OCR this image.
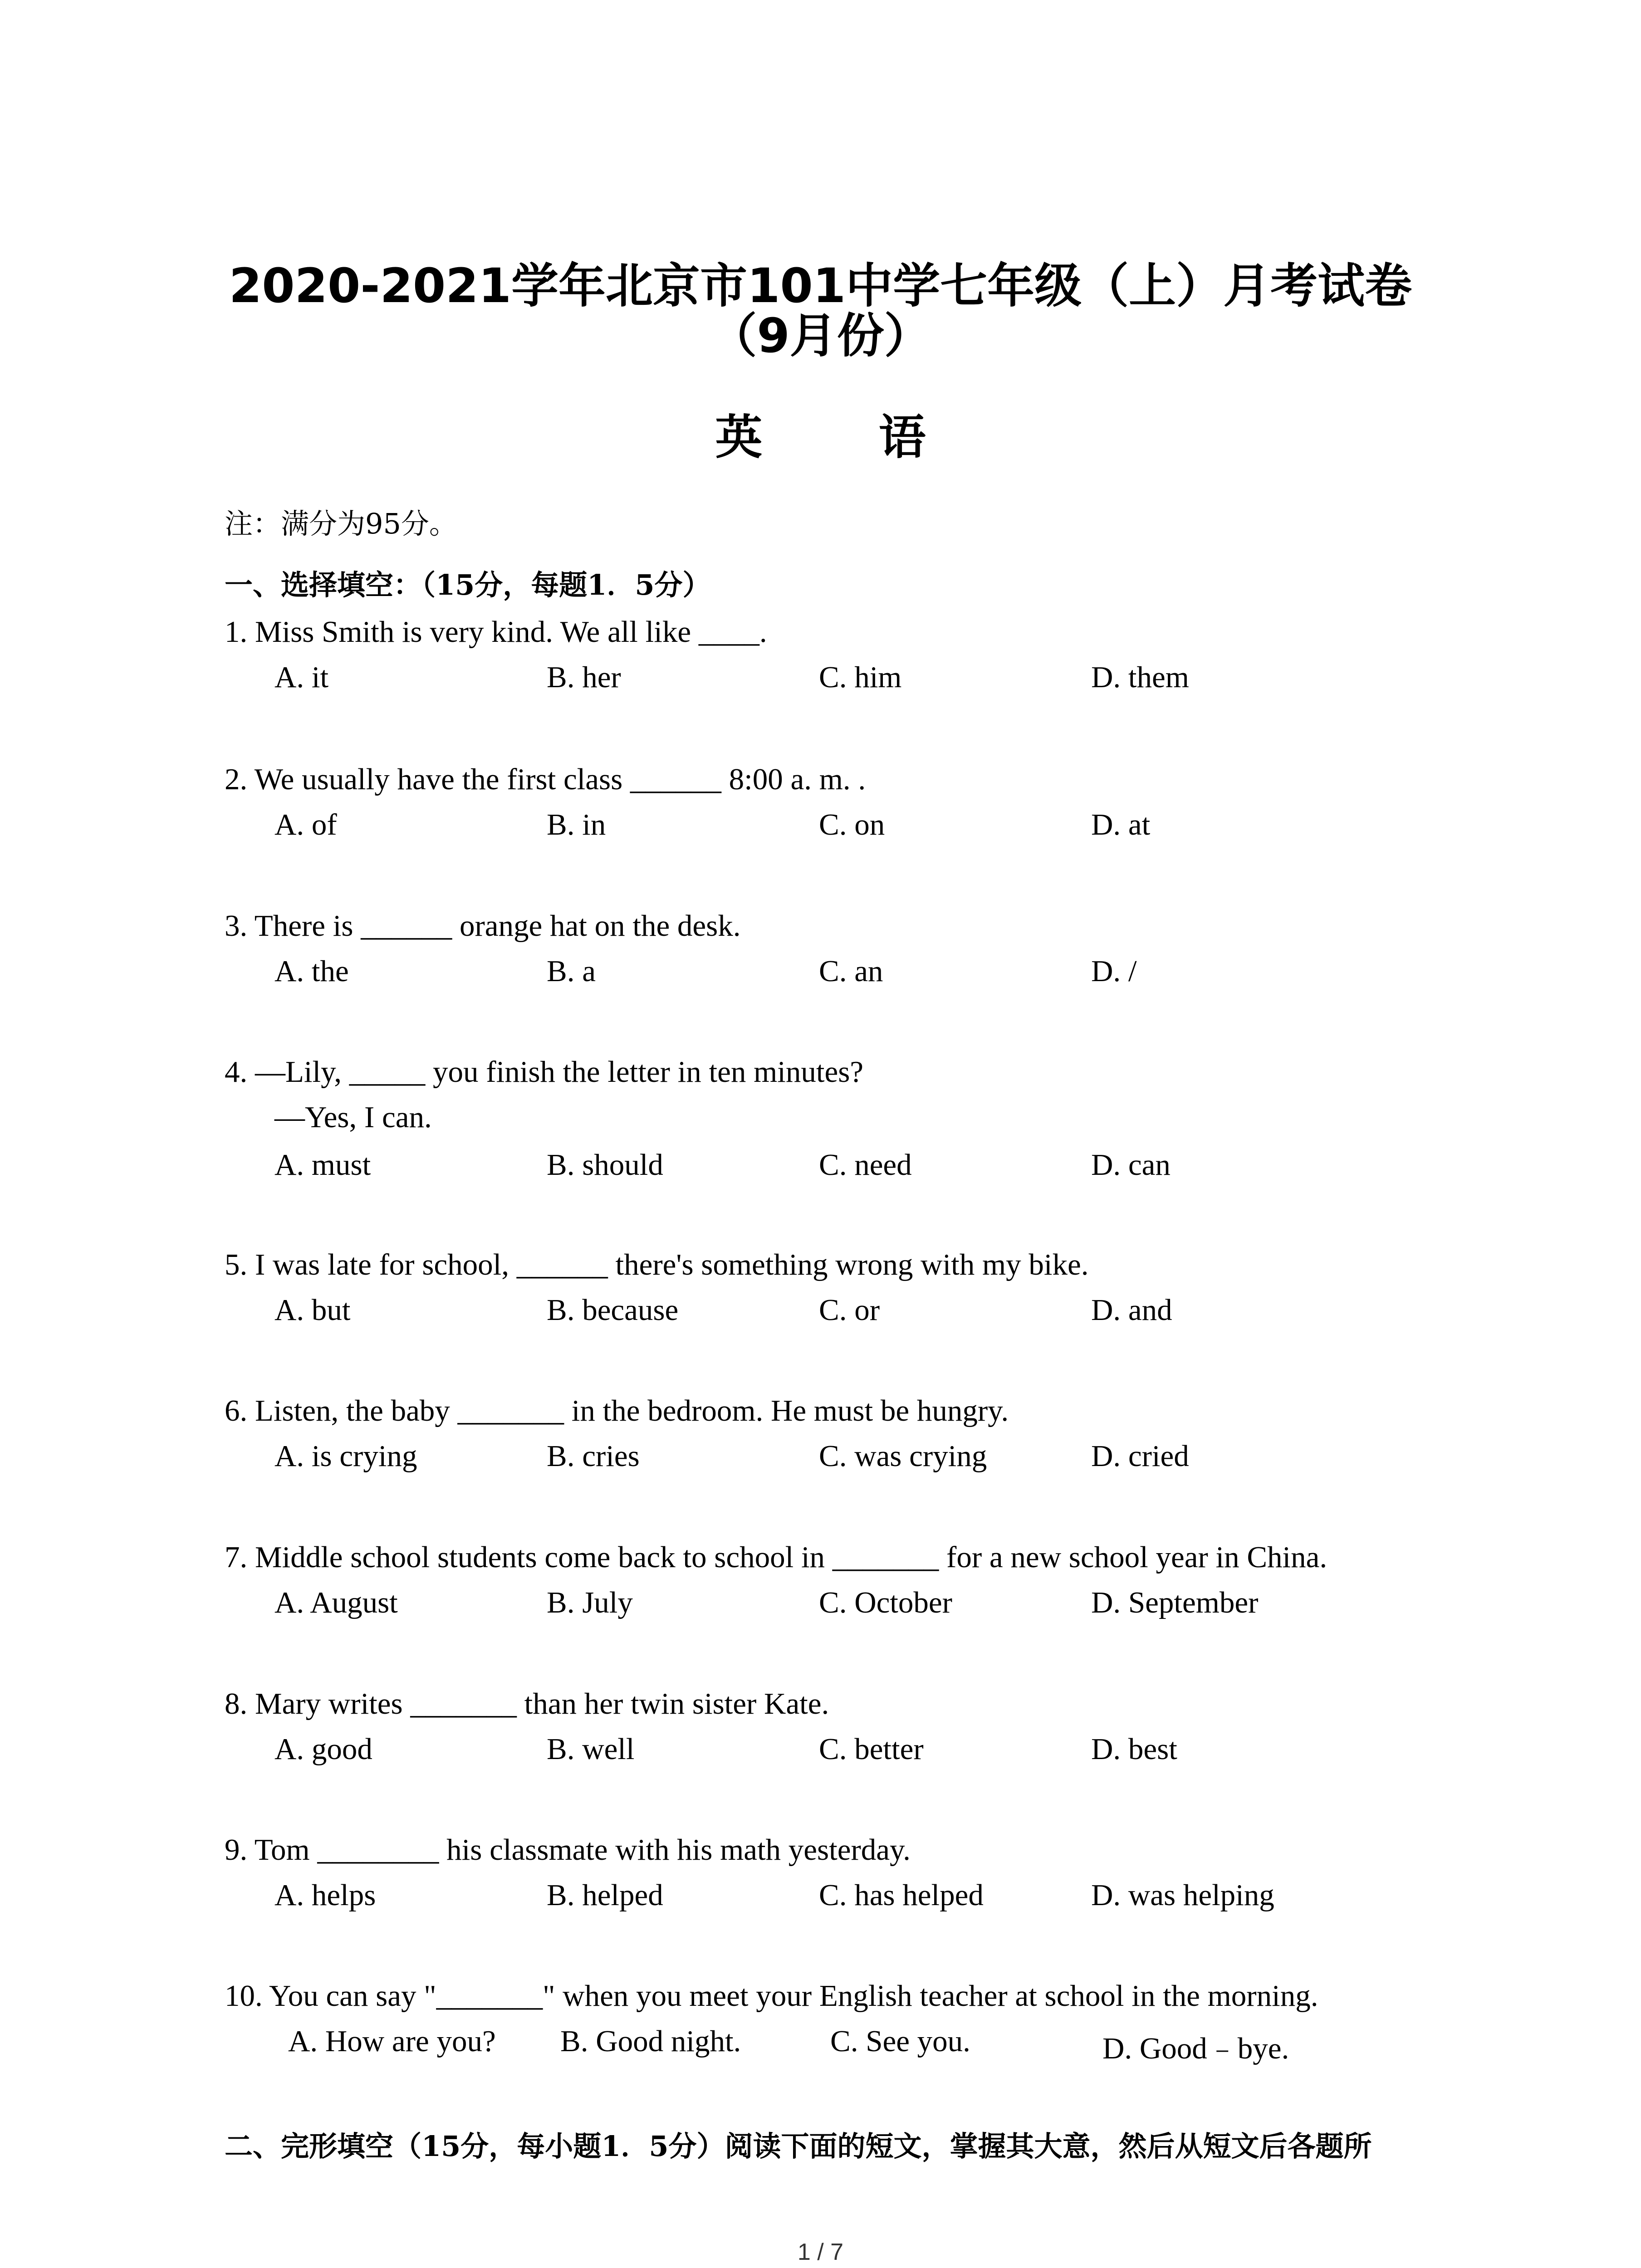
2020-2021学年北京市101中学七年级（上）月考试卷
（9月份）
英 语
注：满分为95分。
一、选择填空：（15分，每题1．5分）
1. Miss Smith is very kind. We all like ____.
A. it	B. her	C. him	D. them
2. We usually have the first class ______ 8:00 a. m. .
A. of	B. in	C. on	D. at
3. There is ______ orange hat on the desk.
A. the	B. a	C. an	D. /
4. —Lily, _____ you finish the letter in ten minutes?
—Yes, I can.
A. must	B. should	C. need	D. can
5. I was late for school, ______ there's something wrong with my bike.
A. but	B. because	C. or	D. and
6. Listen, the baby _______ in the bedroom. He must be hungry.
A. is crying	B. cries	C. was crying	D. cried
7. Middle school students come back to school in _______ for a new school year in China.
A. August	B. July	C. October	D. September
8. Mary writes _______ than her twin sister Kate.
A. good	B. well	C. better	D. best
9. Tom ________ his classmate with his math yesterday.
A. helps	B. helped	C. has helped	D. was helping
10. You can say "_______" when you meet your English teacher at school in the morning.
A. How are you? B. Good night.	C. See you.	D. Good﹣bye.
二、完形填空（15分，每小题1．5分）阅读下面的短文，掌握其大意，然后从短文后各题所
1 / 7
